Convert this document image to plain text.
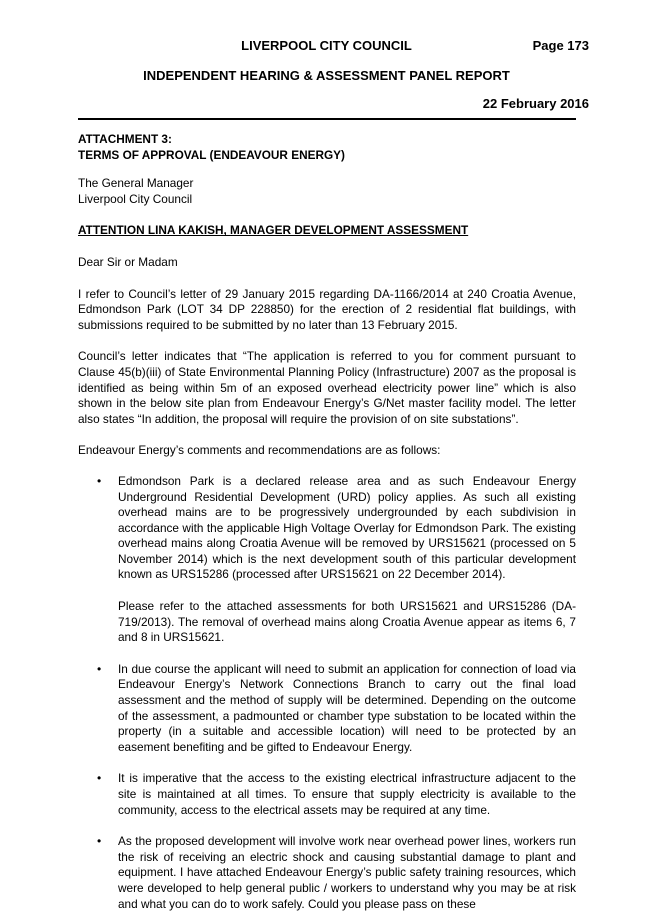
LIVERPOOL CITY COUNCIL	Page 173
INDEPENDENT HEARING & ASSESSMENT PANEL REPORT
22 February 2016

ATTACHMENT 3:
TERMS OF APPROVAL (ENDEAVOUR ENERGY)

The General Manager
Liverpool City Council

ATTENTION LINA KAKISH, MANAGER DEVELOPMENT ASSESSMENT

Dear Sir or Madam

I refer to Council’s letter of 29 January 2015 regarding DA-1166/2014 at 240 Croatia Avenue, Edmondson Park (LOT 34 DP 228850) for the erection of 2 residential flat buildings, with submissions required to be submitted by no later than 13 February 2015.

Council’s letter indicates that “The application is referred to you for comment pursuant to Clause 45(b)(iii) of State Environmental Planning Policy (Infrastructure) 2007 as the proposal is identified as being within 5m of an exposed overhead electricity power line” which is also shown in the below site plan from Endeavour Energy’s G/Net master facility model. The letter also states “In addition, the proposal will require the provision of on site substations”.

Endeavour Energy’s comments and recommendations are as follows:

• Edmondson Park is a declared release area and as such Endeavour Energy Underground Residential Development (URD) policy applies. As such all existing overhead mains are to be progressively undergrounded by each subdivision in accordance with the applicable High Voltage Overlay for Edmondson Park. The existing overhead mains along Croatia Avenue will be removed by URS15621 (processed on 5 November 2014) which is the next development south of this particular development known as URS15286 (processed after URS15621 on 22 December 2014).

Please refer to the attached assessments for both URS15621 and URS15286 (DA-719/2013). The removal of overhead mains along Croatia Avenue appear as items 6, 7 and 8 in URS15621.

• In due course the applicant will need to submit an application for connection of load via Endeavour Energy’s Network Connections Branch to carry out the final load assessment and the method of supply will be determined. Depending on the outcome of the assessment, a padmounted or chamber type substation to be located within the property (in a suitable and accessible location) will need to be protected by an easement benefiting and be gifted to Endeavour Energy.

• It is imperative that the access to the existing electrical infrastructure adjacent to the site is maintained at all times. To ensure that supply electricity is available to the community, access to the electrical assets may be required at any time.

• As the proposed development will involve work near overhead power lines, workers run the risk of receiving an electric shock and causing substantial damage to plant and equipment. I have attached Endeavour Energy’s public safety training resources, which were developed to help general public / workers to understand why you may be at risk and what you can do to work safely. Could you please pass on these
